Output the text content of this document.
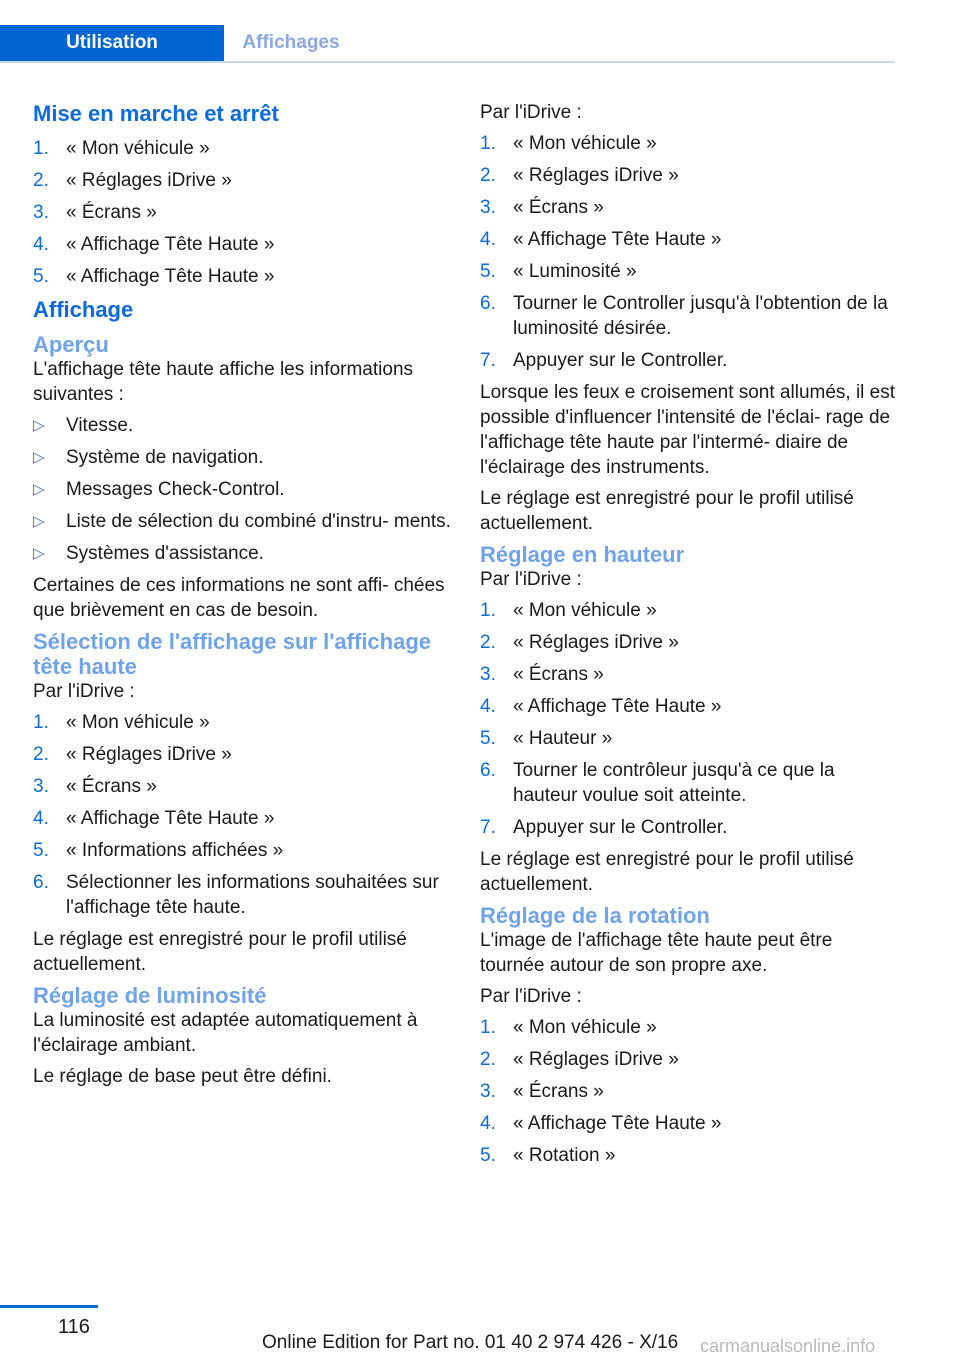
Utilisation	Affichages
Mise en marche et arrêt
1. « Mon véhicule »
2. « Réglages iDrive »
3. « Écrans »
4. « Affichage Tête Haute »
5. « Affichage Tête Haute »
Affichage
Aperçu

L'affichage tête haute affiche les informations suivantes :

▷ Vitesse.
▷ Système de navigation.
▷ Messages Check-Control.
▷ Liste de sélection du combiné d'instru‐ ments.
▷ Systèmes d'assistance.

Certaines de ces informations ne sont affi‐ chées que brièvement en cas de besoin.

Sélection de l'affichage sur l'affichage tête haute

Par l'iDrive :

1. « Mon véhicule »
2. « Réglages iDrive »
3. « Écrans »
4. « Affichage Tête Haute »
5. « Informations affichées »
6. Sélectionner les informations souhaitées sur l'affichage tête haute.

Le réglage est enregistré pour le profil utilisé actuellement.

Réglage de luminosité

La luminosité est adaptée automatiquement à l'éclairage ambiant.

Le réglage de base peut être défini.

Par l'iDrive :

1. « Mon véhicule »
2. « Réglages iDrive »
3. « Écrans »
4. « Affichage Tête Haute »
5. « Luminosité »
6. Tourner le Controller jusqu'à l'obtention de la luminosité désirée.
7. Appuyer sur le Controller.

Lorsque les feux e croisement sont allumés, il est possible d'influencer l'intensité de l'éclai‐ rage de l'affichage tête haute par l'intermé‐ diaire de l'éclairage des instruments.

Le réglage est enregistré pour le profil utilisé actuellement.

Réglage en hauteur

Par l'iDrive :

1. « Mon véhicule »
2. « Réglages iDrive »
3. « Écrans »
4. « Affichage Tête Haute »
5. « Hauteur »
6. Tourner le contrôleur jusqu'à ce que la hauteur voulue soit atteinte.
7. Appuyer sur le Controller.

Le réglage est enregistré pour le profil utilisé actuellement.

Réglage de la rotation

L'image de l'affichage tête haute peut être tournée autour de son propre axe.

Par l'iDrive :

1. « Mon véhicule »
2. « Réglages iDrive »
3. « Écrans »
4. « Affichage Tête Haute »
5. « Rotation »
116
Online Edition for Part no. 01 40 2 974 426 - X/16 carmanualsonline.info
